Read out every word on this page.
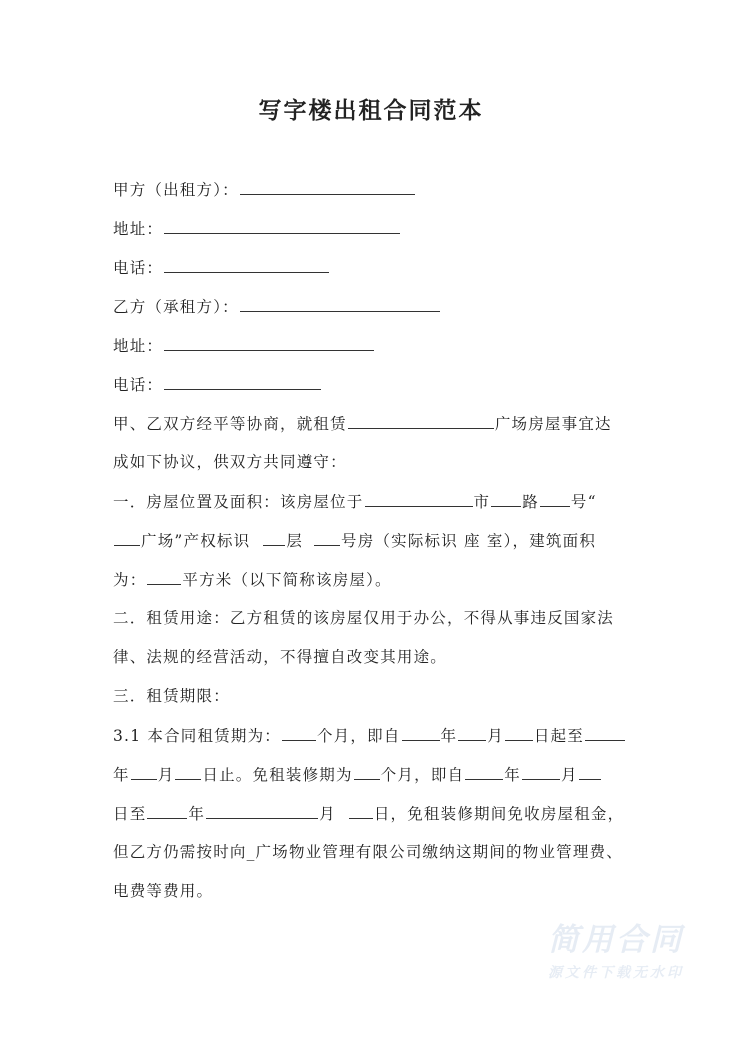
写字楼出租合同范本
甲方（出租方）：
地址：
电话：
乙方（承租方）：
地址：
电话：
甲、乙双方经平等协商，就租赁	广场房屋事宜达
成如下协议，供双方共同遵守：
一．房屋位置及面积：该房屋位于	市 路 号“
广场”产权标识 层 号房（实际标识 座 室），建筑面积
为： 平方米（以下简称该房屋）。
二．租赁用途：乙方租赁的该房屋仅用于办公，不得从事违反国家法
律、法规的经营活动，不得擅自改变其用途。
三．租赁期限：
3.1 本合同租赁期为： 个月，即自	年 月 日起至
年 月 日止。免租装修期为 个月，即自	年	月
日至	年	月 日，免租装修期间免收房屋租金，
但乙方仍需按时向_广场物业管理有限公司缴纳这期间的物业管理费、
电费等费用。
简用合同
源文件下载无水印
